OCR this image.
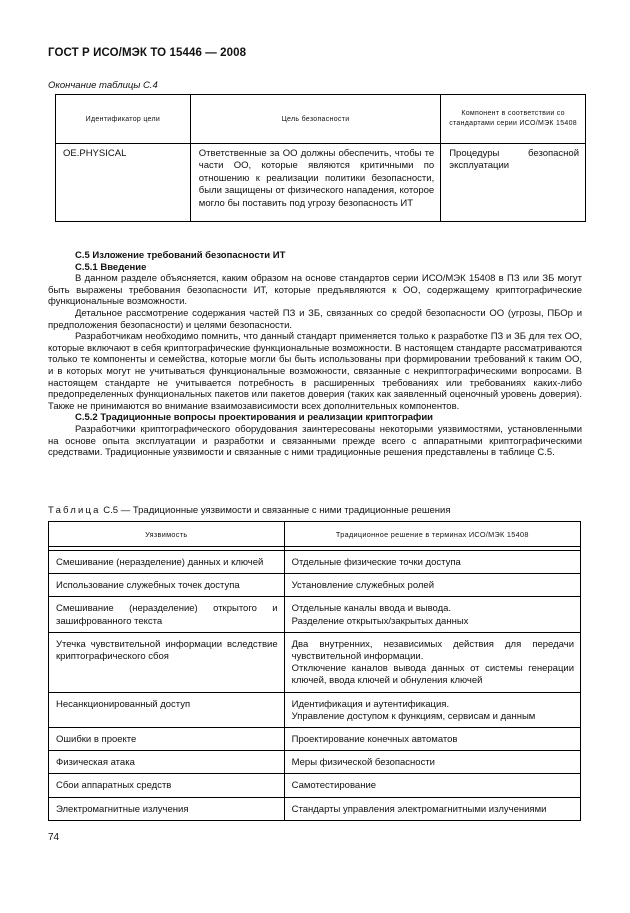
ГОСТ Р ИСО/МЭК ТО 15446 — 2008
Окончание таблицы С.4
Идентификатор цели	Цель безопасности	Компонент в соответствии со стандартами серии ИСО/МЭК 15408
OE.PHYSICAL	Ответственные за ОО должны обеспечить, чтобы те части ОО, которые являются критичными по отношению к реализации политики безопасности, были защищены от физического нападения, которое могло бы поставить под угрозу безопасность ИТ	Процедуры безопасной эксплуатации

С.5 Изложение требований безопасности ИТ

С.5.1 Введение

В данном разделе объясняется, каким образом на основе стандартов серии ИСО/МЭК 15408 в ПЗ или ЗБ могут быть выражены требования безопасности ИТ, которые предъявляются к ОО, содержащему криптографические функциональные возможности.

Детальное рассмотрение содержания частей ПЗ и ЗБ, связанных со средой безопасности ОО (угрозы, ПБОр и предположения безопасности) и целями безопасности.

Разработчикам необходимо помнить, что данный стандарт применяется только к разработке ПЗ и ЗБ для тех ОО, которые включают в себя криптографические функциональные возможности. В настоящем стандарте рассматриваются только те компоненты и семейства, которые могли бы быть использованы при формировании требований к таким ОО, и в которых могут не учитываться функциональные возможности, связанные с некриптографическими вопросами. В настоящем стандарте не учитывается потребность в расширенных требованиях или требованиях каких-либо предопределенных функциональных пакетов или пакетов доверия (таких как заявленный оценочный уровень доверия). Также не принимаются во внимание взаимозависимости всех дополнительных компонентов.

С.5.2 Традиционные вопросы проектирования и реализации криптографии

Разработчики криптографического оборудования заинтересованы некоторыми уязвимостями, установленными на основе опыта эксплуатации и разработки и связанными прежде всего с аппаратными криптографическими средствами. Традиционные уязвимости и связанные с ними традиционные решения представлены в таблице С.5.

Таблица С.5 — Традиционные уязвимости и связанные с ними традиционные решения
Уязвимость	Традиционное решение в терминах ИСО/МЭК 15408

Смешивание (неразделение) данных и ключей	Отдельные физические точки доступа
Использование служебных точек доступа	Установление служебных ролей
Смешивание (неразделение) открытого и зашифрованного текста	Отдельные каналы ввода и вывода.
Разделение открытых/закрытых данных
Утечка чувствительной информации вследствие криптографического сбоя	Два внутренних, независимых действия для передачи чувствительной информации.
Отключение каналов вывода данных от системы генерации ключей, ввода ключей и обнуления ключей
Несанкционированный доступ	Идентификация и аутентификация.
Управление доступом к функциям, сервисам и данным
Ошибки в проекте	Проектирование конечных автоматов
Физическая атака	Меры физической безопасности
Сбои аппаратных средств	Самотестирование
Электромагнитные излучения	Стандарты управления электромагнитными излучениями
74
